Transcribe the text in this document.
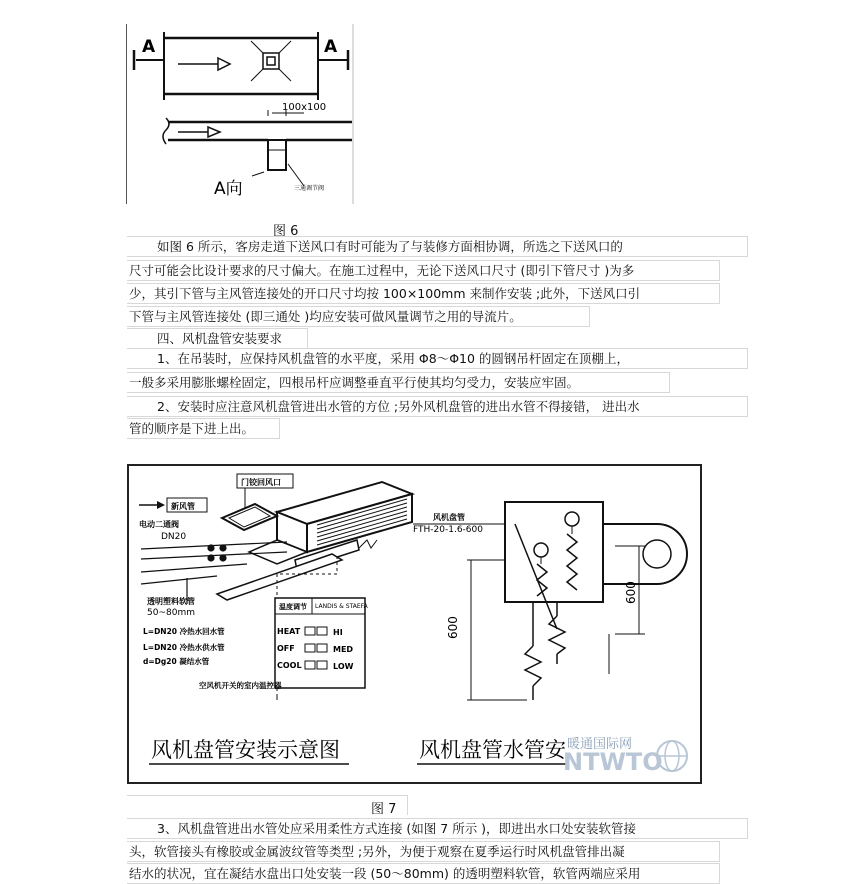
A	A
100x100
三通调节阀
A向
图 6
如图 6 所示，客房走道下送风口有时可能为了与装修方面相协调，所选之下送风口的
尺寸可能会比设计要求的尺寸偏大。在施工过程中，无论下送风口尺寸 (即引下管尺寸 )为多
少，其引下管与主风管连接处的开口尺寸均按 100×100mm 来制作安装 ;此外，下送风口引
下管与主风管连接处 (即三通处 )均应安装可做风量调节之用的导流片。
四、风机盘管安装要求
1、在吊装时，应保持风机盘管的水平度，采用 Φ8～Φ10 的圆钢吊杆固定在顶棚上，
一般多采用膨胀螺栓固定，四根吊杆应调整垂直平行使其均匀受力，安装应牢固。
2、安装时应注意风机盘管进出水管的方位 ;另外风机盘管的进出水管不得接错， 进出水
管的顺序是下进上出。
门铰回风口
新风管
电动二通阀
DN20
透明塑料软管
50~80mm
L=DN20 冷热水回水管
L=DN20 冷热水供水管
d=Dg20 凝结水管
温度调节 LANDIS & STAEFA
HEAT
OFF
COOL
HI
MED
LOW
空风机开关的室内温控器
600
600
风机盘管
FTH-20-1.6-600
风机盘管安装示意图	风机盘管水管安 暖通国际网
NTWTO
图 7
3、风机盘管进出水管处应采用柔性方式连接 (如图 7 所示 )，即进出水口处安装软管接
头，软管接头有橡胶或金属波纹管等类型 ;另外，为便于观察在夏季运行时风机盘管排出凝
结水的状况，宜在凝结水盘出口处安装一段 (50～80mm) 的透明塑料软管，软管两端应采用
